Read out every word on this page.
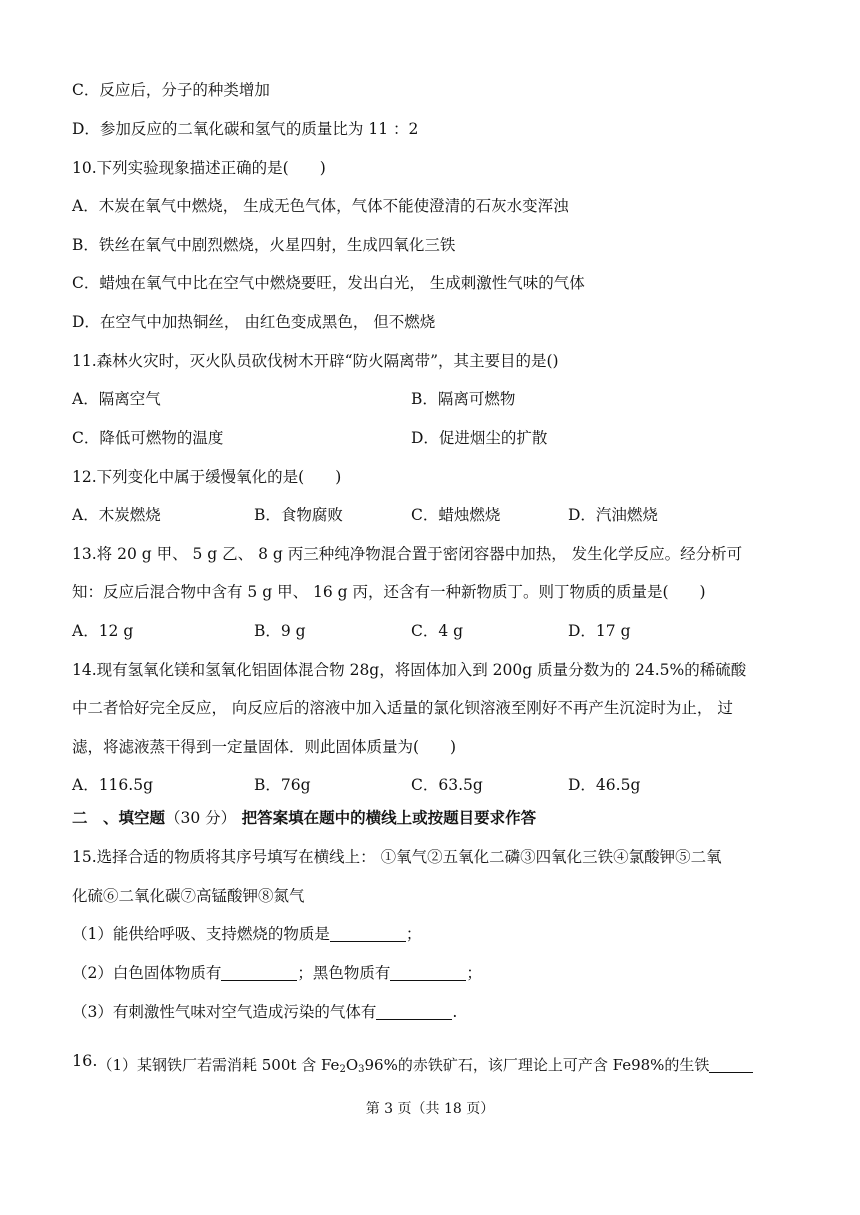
C．反应后，分子的种类增加
D．参加反应的二氧化碳和氢气的质量比为 11 ：2
10.下列实验现象描述正确的是(　　)
A．木炭在氧气中燃烧， 生成无色气体，气体不能使澄清的石灰水变浑浊
B．铁丝在氧气中剧烈燃烧，火星四射，生成四氧化三铁
C．蜡烛在氧气中比在空气中燃烧要旺，发出白光， 生成刺激性气味的气体
D．在空气中加热铜丝， 由红色变成黑色， 但不燃烧
11.森林火灾时，灭火队员砍伐树木开辟“防火隔离带”，其主要目的是()
A．隔离空气	B．隔离可燃物
C．降低可燃物的温度	D．促进烟尘的扩散
12.下列变化中属于缓慢氧化的是(　　)
A．木炭燃烧	B．食物腐败	C．蜡烛燃烧	D．汽油燃烧
13.将 20 g 甲、 5 g 乙、 8 g 丙三种纯净物混合置于密闭容器中加热， 发生化学反应。经分析可
知：反应后混合物中含有 5 g 甲、 16 g 丙，还含有一种新物质丁。则丁物质的质量是(　　)
A．12 g	B．9 g	C．4 g	D．17 g
14.现有氢氧化镁和氢氧化铝固体混合物 28g，将固体加入到 200g 质量分数为的 24.5%的稀硫酸
中二者恰好完全反应， 向反应后的溶液中加入适量的氯化钡溶液至刚好不再产生沉淀时为止， 过
滤，将滤液蒸干得到一定量固体．则此固体质量为(　　)
A．116.5g	B．76g	C．63.5g	D．46.5g
二　、填空题（30 分） 把答案填在题中的横线上或按题目要求作答
15.选择合适的物质将其序号填写在横线上： ①氧气②五氧化二磷③四氧化三铁④氯酸钾⑤二氧
化硫⑥二氧化碳⑦高锰酸钾⑧氮气
（1）能供给呼吸、支持燃烧的物质是	；
（2）白色固体物质有	；黑色物质有	；
（3）有刺激性气味对空气造成污染的气体有	.
16.（1）某钢铁厂若需消耗 500t 含 Fe2O396%的赤铁矿石，该厂理论上可产含 Fe98%的生铁
第 3 页（共 18 页）
